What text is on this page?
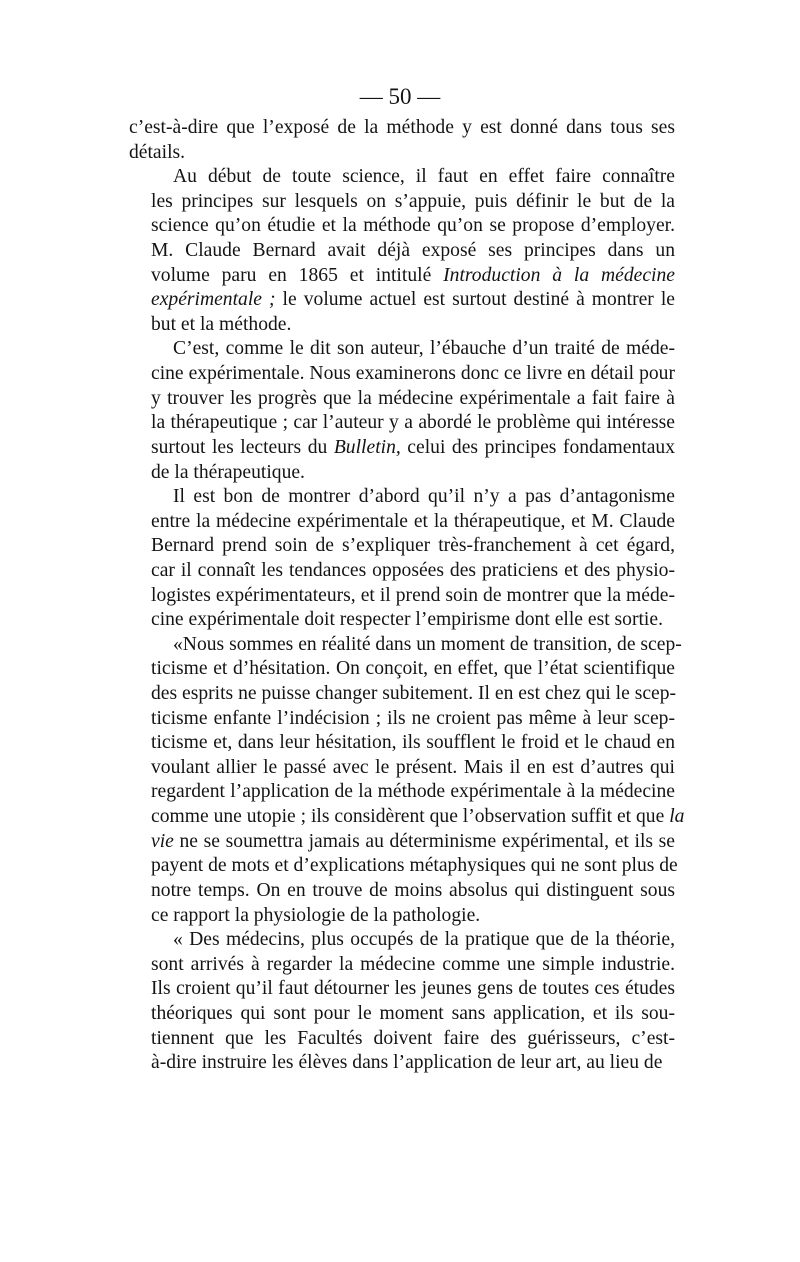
— 50 —
c’est-à-dire que l’exposé de la méthode y est donné dans tous ses
détails.
Au début de toute science, il faut en effet faire connaître
les principes sur lesquels on s’appuie, puis définir le but de la
science qu’on étudie et la méthode qu’on se propose d’employer.
M. Claude Bernard avait déjà exposé ses principes dans un
volume paru en 1865 et intitulé Introduction à la médecine
expérimentale ; le volume actuel est surtout destiné à montrer le
but et la méthode.
C’est, comme le dit son auteur, l’ébauche d’un traité de méde-
cine expérimentale. Nous examinerons donc ce livre en détail pour
y trouver les progrès que la médecine expérimentale a fait faire à
la thérapeutique ; car l’auteur y a abordé le problème qui intéresse
surtout les lecteurs du Bulletin, celui des principes fondamentaux
de la thérapeutique.
Il est bon de montrer d’abord qu’il n’y a pas d’antagonisme
entre la médecine expérimentale et la thérapeutique, et M. Claude
Bernard prend soin de s’expliquer très-franchement à cet égard,
car il connaît les tendances opposées des praticiens et des physio-
logistes expérimentateurs, et il prend soin de montrer que la méde-
cine expérimentale doit respecter l’empirisme dont elle est sortie.
«Nous sommes en réalité dans un moment de transition, de scep-
ticisme et d’hésitation. On conçoit, en effet, que l’état scientifique
des esprits ne puisse changer subitement. Il en est chez qui le scep-
ticisme enfante l’indécision ; ils ne croient pas même à leur scep-
ticisme et, dans leur hésitation, ils soufflent le froid et le chaud en
voulant allier le passé avec le présent. Mais il en est d’autres qui
regardent l’application de la méthode expérimentale à la médecine
comme une utopie ; ils considèrent que l’observation suffit et que la
vie ne se soumettra jamais au déterminisme expérimental, et ils se
payent de mots et d’explications métaphysiques qui ne sont plus de
notre temps. On en trouve de moins absolus qui distinguent sous
ce rapport la physiologie de la pathologie.
« Des médecins, plus occupés de la pratique que de la théorie,
sont arrivés à regarder la médecine comme une simple industrie.
Ils croient qu’il faut détourner les jeunes gens de toutes ces études
théoriques qui sont pour le moment sans application, et ils sou-
tiennent que les Facultés doivent faire des guérisseurs, c’est-
à-dire instruire les élèves dans l’application de leur art, au lieu de
